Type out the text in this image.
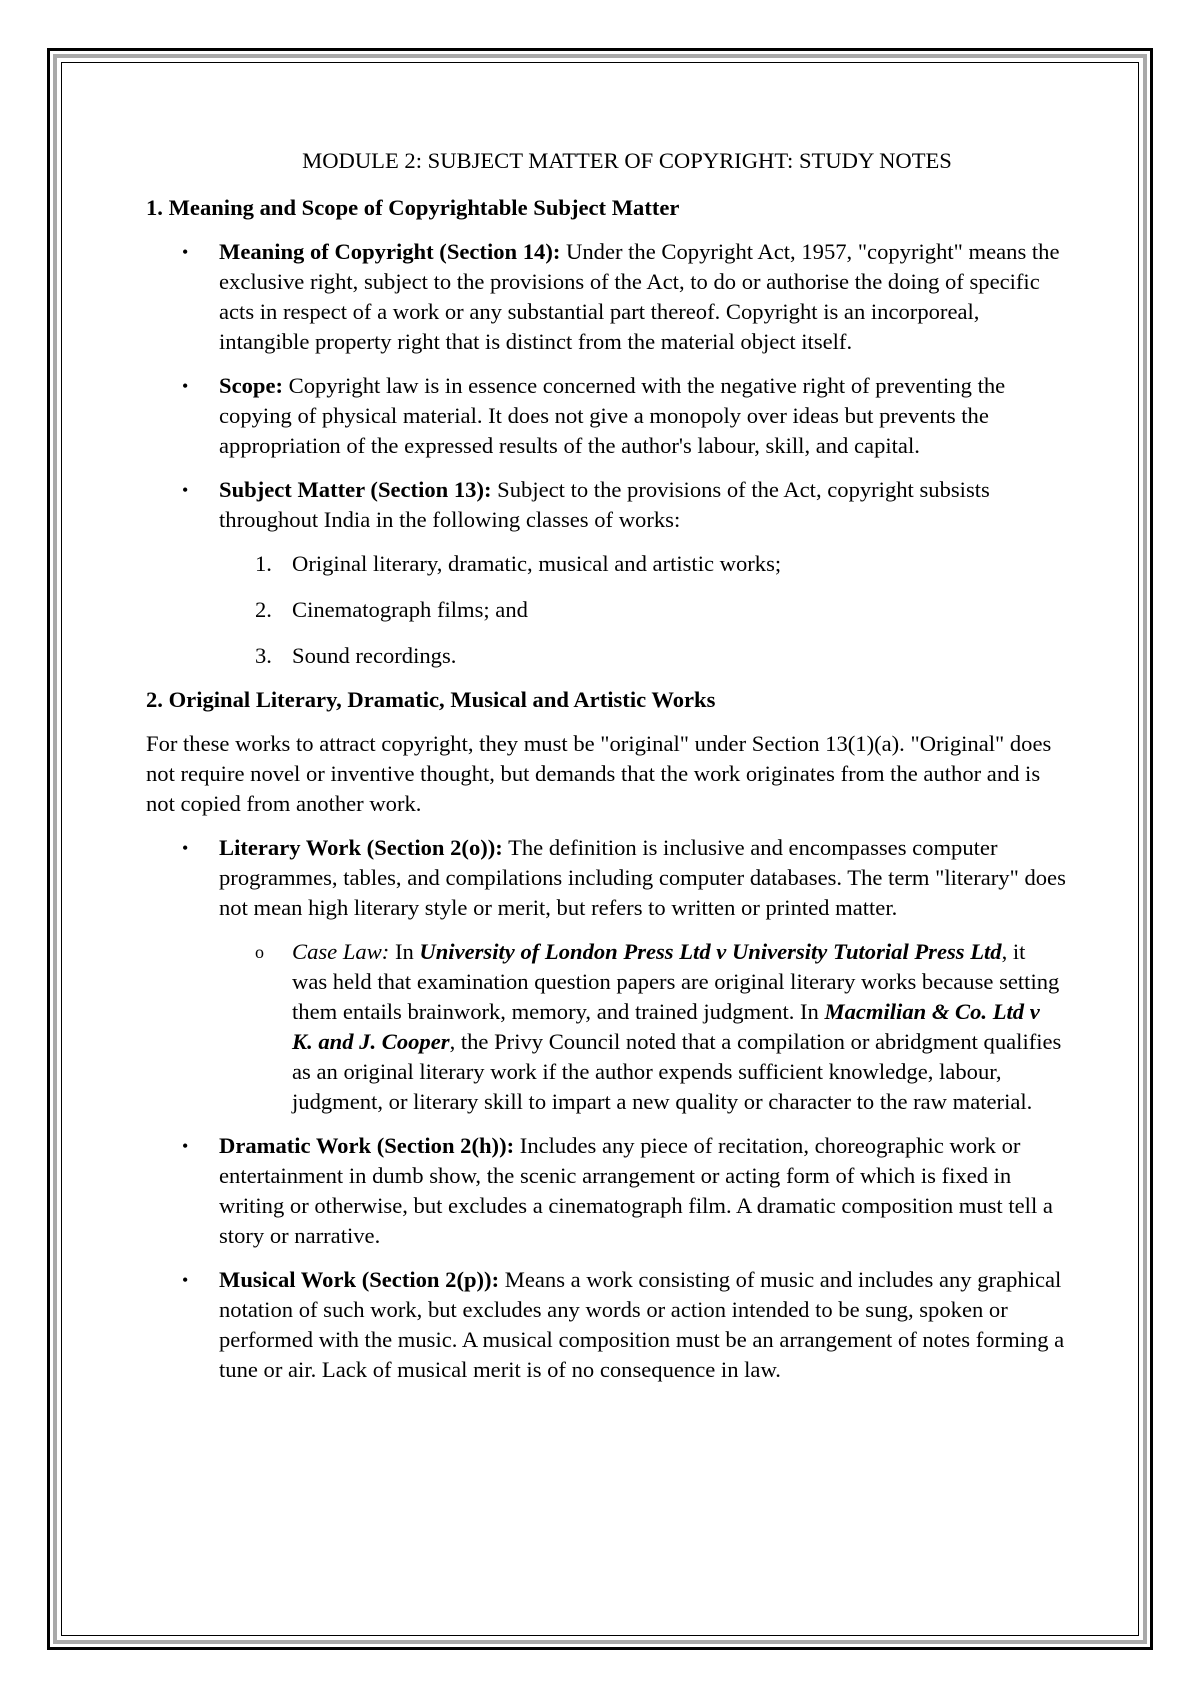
MODULE 2: SUBJECT MATTER OF COPYRIGHT: STUDY NOTES
1. Meaning and Scope of Copyrightable Subject Matter
• Meaning of Copyright (Section 14): Under the Copyright Act, 1957, "copyright" means the exclusive right, subject to the provisions of the Act, to do or authorise the doing of specific acts in respect of a work or any substantial part thereof. Copyright is an incorporeal, intangible property right that is distinct from the material object itself.
• Scope: Copyright law is in essence concerned with the negative right of preventing the copying of physical material. It does not give a monopoly over ideas but prevents the appropriation of the expressed results of the author's labour, skill, and capital.
• Subject Matter (Section 13): Subject to the provisions of the Act, copyright subsists throughout India in the following classes of works:
1. Original literary, dramatic, musical and artistic works;
2. Cinematograph films; and
3. Sound recordings.
2. Original Literary, Dramatic, Musical and Artistic Works

For these works to attract copyright, they must be "original" under Section 13(1)(a). "Original" does not require novel or inventive thought, but demands that the work originates from the author and is not copied from another work.

• Literary Work (Section 2(o)): The definition is inclusive and encompasses computer programmes, tables, and compilations including computer databases. The term "literary" does not mean high literary style or merit, but refers to written or printed matter.
o Case Law: In University of London Press Ltd v University Tutorial Press Ltd, it was held that examination question papers are original literary works because setting them entails brainwork, memory, and trained judgment. In Macmilian & Co. Ltd v K. and J. Cooper, the Privy Council noted that a compilation or abridgment qualifies as an original literary work if the author expends sufficient knowledge, labour, judgment, or literary skill to impart a new quality or character to the raw material.
• Dramatic Work (Section 2(h)): Includes any piece of recitation, choreographic work or entertainment in dumb show, the scenic arrangement or acting form of which is fixed in writing or otherwise, but excludes a cinematograph film. A dramatic composition must tell a story or narrative.
• Musical Work (Section 2(p)): Means a work consisting of music and includes any graphical notation of such work, but excludes any words or action intended to be sung, spoken or performed with the music. A musical composition must be an arrangement of notes forming a tune or air. Lack of musical merit is of no consequence in law.
